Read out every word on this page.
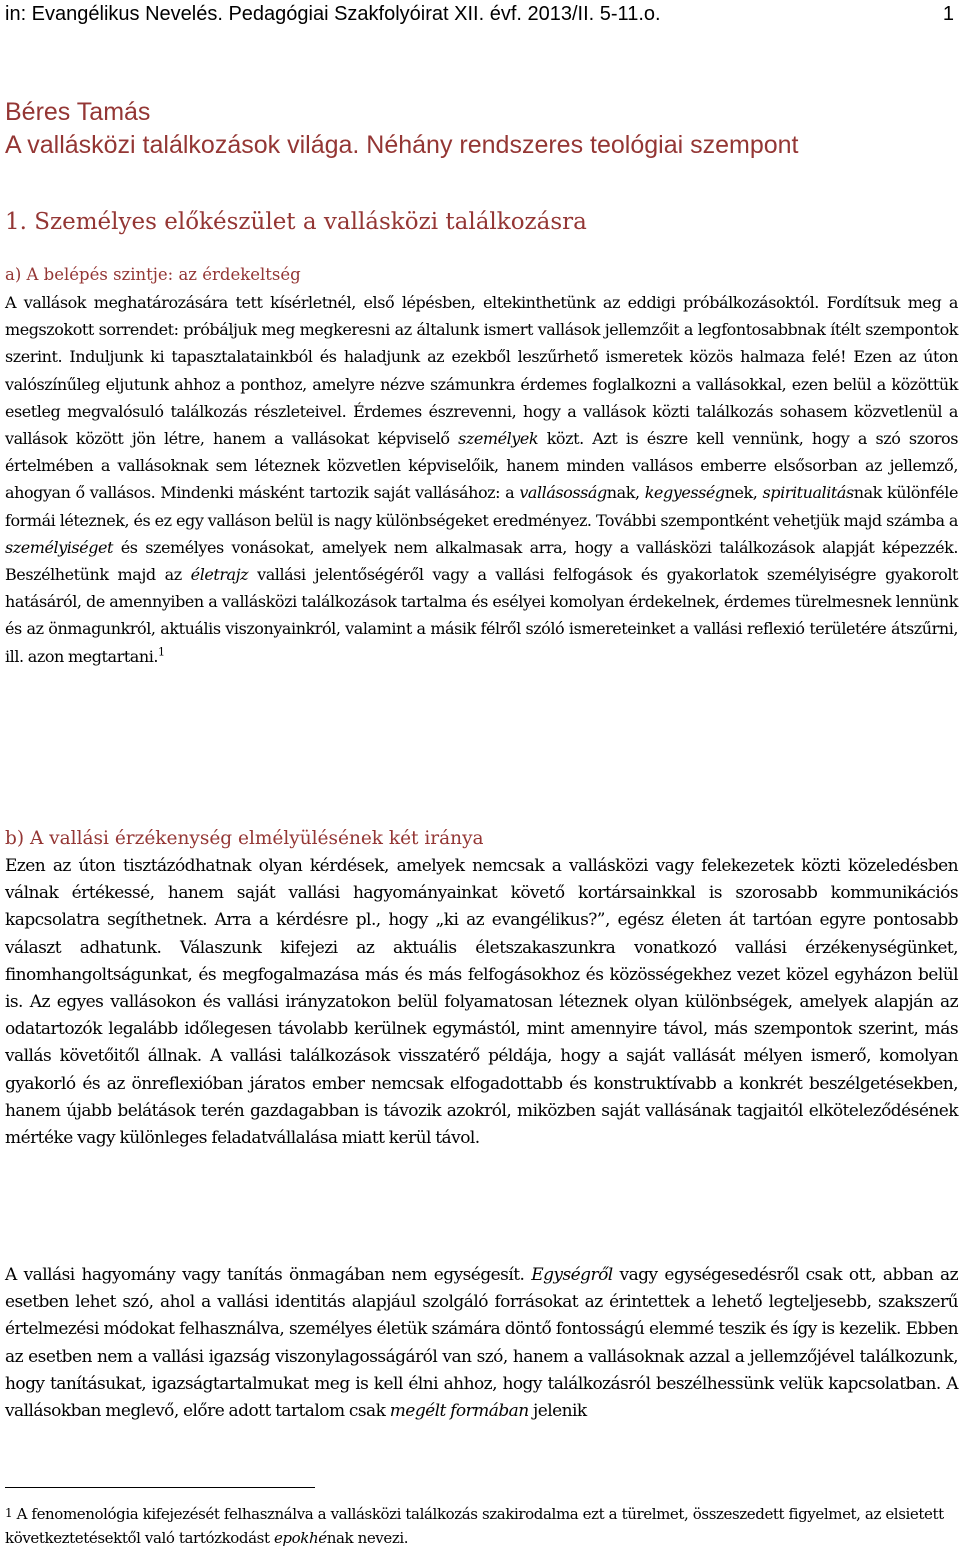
in: Evangélikus Nevelés. Pedagógiai Szakfolyóirat XII. évf. 2013/II. 5-11.o.	1
Béres Tamás
A vallásközi találkozások világa. Néhány rendszeres teológiai szempont
1. Személyes előkészület a vallásközi találkozásra
a) A belépés szintje: az érdekeltség

A vallások meghatározására tett kísérletnél, első lépésben, eltekinthetünk az eddigi próbálkozásoktól. Fordítsuk meg a megszokott sorrendet: próbáljuk meg megkeresni az általunk ismert vallások jellemzőit a legfontosabbnak ítélt szempontok szerint. Induljunk ki tapasztalatainkból és haladjunk az ezekből leszűrhető ismeretek közös halmaza felé! Ezen az úton valószínűleg eljutunk ahhoz a ponthoz, amelyre nézve számunkra érdemes foglalkozni a vallásokkal, ezen belül a közöttük esetleg megvalósuló találkozás részleteivel. Érdemes észrevenni, hogy a vallások közti találkozás sohasem közvetlenül a vallások között jön létre, hanem a vallásokat képviselő személyek közt. Azt is észre kell vennünk, hogy a szó szoros értelmében a vallásoknak sem léteznek közvetlen képviselőik, hanem minden vallásos emberre elsősorban az jellemző, ahogyan ő vallásos. Mindenki másként tartozik saját vallásához: a vallásosságnak, kegyességnek, spiritualitásnak különféle formái léteznek, és ez egy valláson belül is nagy különbségeket eredményez. További szempontként vehetjük majd számba a személyiséget és személyes vonásokat, amelyek nem alkalmasak arra, hogy a vallásközi találkozások alapját képezzék. Beszélhetünk majd az életrajz vallási jelentőségéről vagy a vallási felfogások és gyakorlatok személyiségre gyakorolt hatásáról, de amennyiben a vallásközi találkozások tartalma és esélyei komolyan érdekelnek, érdemes türelmesnek lennünk és az önmagunkról, aktuális viszonyainkról, valamint a másik félről szóló ismereteinket a vallási reflexió területére átszűrni, ill. azon megtartani.$^1$

b) A vallási érzékenység elmélyülésének két iránya

Ezen az úton tisztázódhatnak olyan kérdések, amelyek nemcsak a vallásközi vagy felekezetek közti közeledésben válnak értékessé, hanem saját vallási hagyományainkat követő kortársainkkal is szorosabb kommunikációs kapcsolatra segíthetnek. Arra a kérdésre pl., hogy „ki az evangélikus?”, egész életen át tartóan egyre pontosabb választ adhatunk. Válaszunk kifejezi az aktuális életszakaszunkra vonatkozó vallási érzékenységünket, finomhangoltságunkat, és megfogalmazása más és más felfogásokhoz és közösségekhez vezet közel egyházon belül is. Az egyes vallásokon és vallási irányzatokon belül folyamatosan léteznek olyan különbségek, amelyek alapján az odatartozók legalább időlegesen távolabb kerülnek egymástól, mint amennyire távol, más szempontok szerint, más vallás követőitől állnak. A vallási találkozások visszatérő példája, hogy a saját vallását mélyen ismerő, komolyan gyakorló és az önreflexióban járatos ember nemcsak elfogadottabb és konstruktívabb a konkrét beszélgetésekben, hanem újabb belátások terén gazdagabban is távozik azokról, miközben saját vallásának tagjaitól elköteleződésének mértéke vagy különleges feladatvállalása miatt kerül távol.

A vallási hagyomány vagy tanítás önmagában nem egységesít. Egységről vagy egységesedésről csak ott, abban az esetben lehet szó, ahol a vallási identitás alapjául szolgáló forrásokat az érintettek a lehető legteljesebb, szakszerű értelmezési módokat felhasználva, személyes életük számára döntő fontosságú elemmé teszik és így is kezelik. Ebben az esetben nem a vallási igazság viszonylagosságáról van szó, hanem a vallásoknak azzal a jellemzőjével találkozunk, hogy tanításukat, igazságtartalmukat meg is kell élni ahhoz, hogy találkozásról beszélhessünk velük kapcsolatban. A vallásokban meglevő, előre adott tartalom csak megélt formában jelenik

1 A fenomenológia kifejezését felhasználva a vallásközi találkozás szakirodalma ezt a türelmet, összeszedett figyelmet, az elsietett következtetésektől való tartózkodást epokhénak nevezi.
